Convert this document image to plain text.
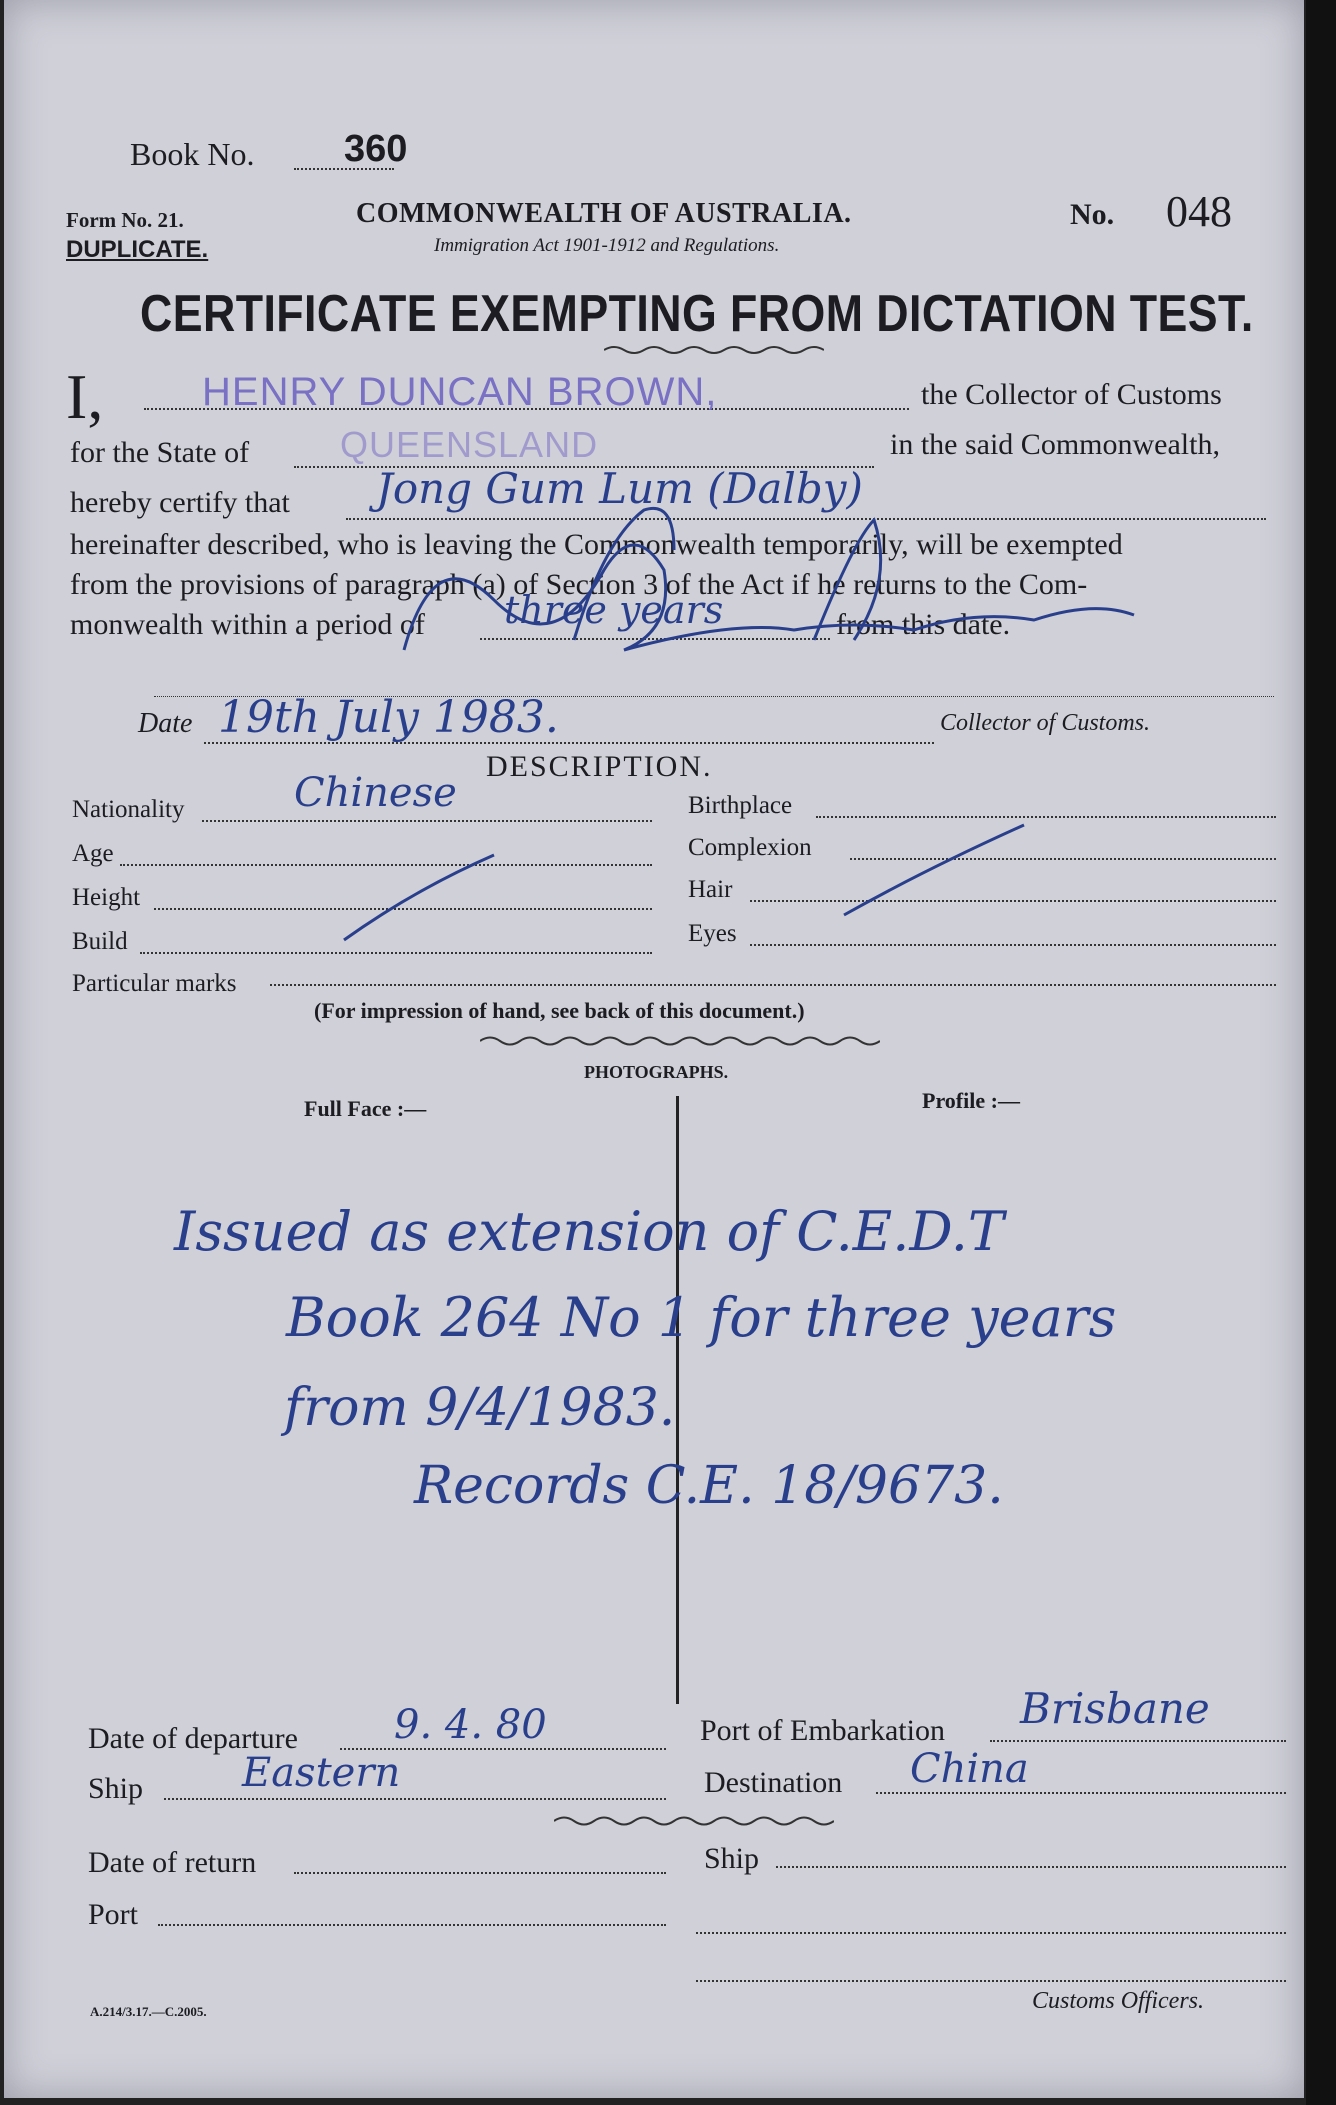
Book No. 360
Form No. 21.
DUPLICATE.
COMMONWEALTH OF AUSTRALIA.
Immigration Act 1901-1912 and Regulations.
No. 048
CERTIFICATE EXEMPTING FROM DICTATION TEST.
I, HENRY DUNCAN BROWN,	the Collector of Customs
for the State of	QUEENSLAND	in the said Commonwealth,
hereby certify that Jong Gum Lum (Dalby)
hereinafter described, who is leaving the Commonwealth temporarily, will be exempted
from the provisions of paragraph (a) of Section 3 of the Act if he returns to the Com-
monwealth within a period of three years	from this date.
Date 19th July 1983.	Collector of Customs.
DESCRIPTION.
Nationality	Chinese	Birthplace
Age	Complexion
Height	Hair
Build	Eyes
Particular marks
(For impression of hand, see back of this document.)
PHOTOGRAPHS.
Full Face :—	Profile :—
Issued as extension of C.E.D.T
Book 264 No 1 for three years
from 9/4/1983.
Records C.E. 18/9673.
Date of departure 9. 4. 80	Port of Embarkation Brisbane
Ship Eastern	Destination China
Date of return	Ship
Port
Customs Officers.
A.214/3.17.—C.2005.
